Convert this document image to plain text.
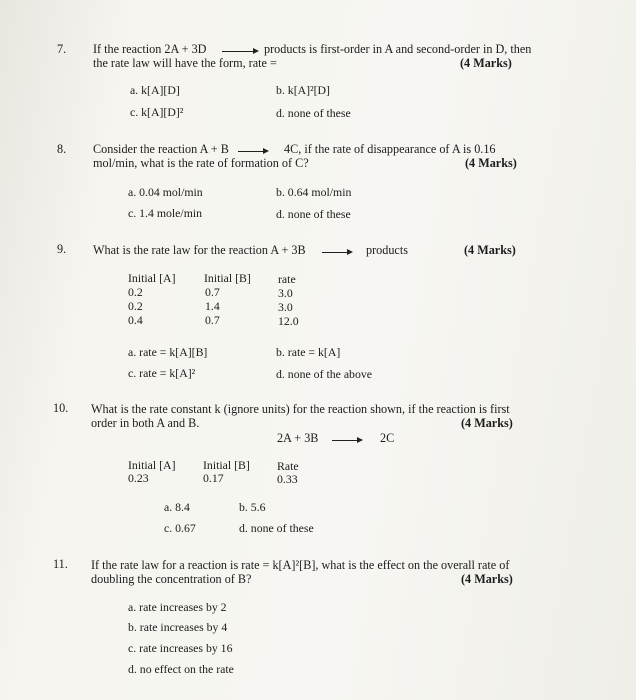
7. If the reaction 2A + 3D → products is first-order in A and second-order in D, then
the rate law will have the form, rate =	(4 Marks)
a. k[A][D]	b. k[A]²[D]
c. k[A][D]²	d. none of these
8. Consider the reaction A + B → 4C, if the rate of disappearance of A is 0.16
mol/min, what is the rate of formation of C?	(4 Marks)
a. 0.04 mol/min	b. 0.64 mol/min
c. 1.4 mole/min	d. none of these
9. What is the rate law for the reaction A + 3B → products	(4 Marks)
Initial [A] Initial [B] rate
0.2	0.7	3.0
0.2	1.4	3.0
0.4	0.7	12.0
a. rate = k[A][B]	b. rate = k[A]
c. rate = k[A]²	d. none of the above
10. What is the rate constant k (ignore units) for the reaction shown, if the reaction is first
order in both A and B.	(4 Marks)
2A + 3B → 2C
Initial [A] Initial [B] Rate
0.23	0.17	0.33
a. 8.4	b. 5.6
c. 0.67	d. none of these
11. If the rate law for a reaction is rate = k[A]²[B], what is the effect on the overall rate of
doubling the concentration of B?	(4 Marks)
a. rate increases by 2
b. rate increases by 4
c. rate increases by 16
d. no effect on the rate
